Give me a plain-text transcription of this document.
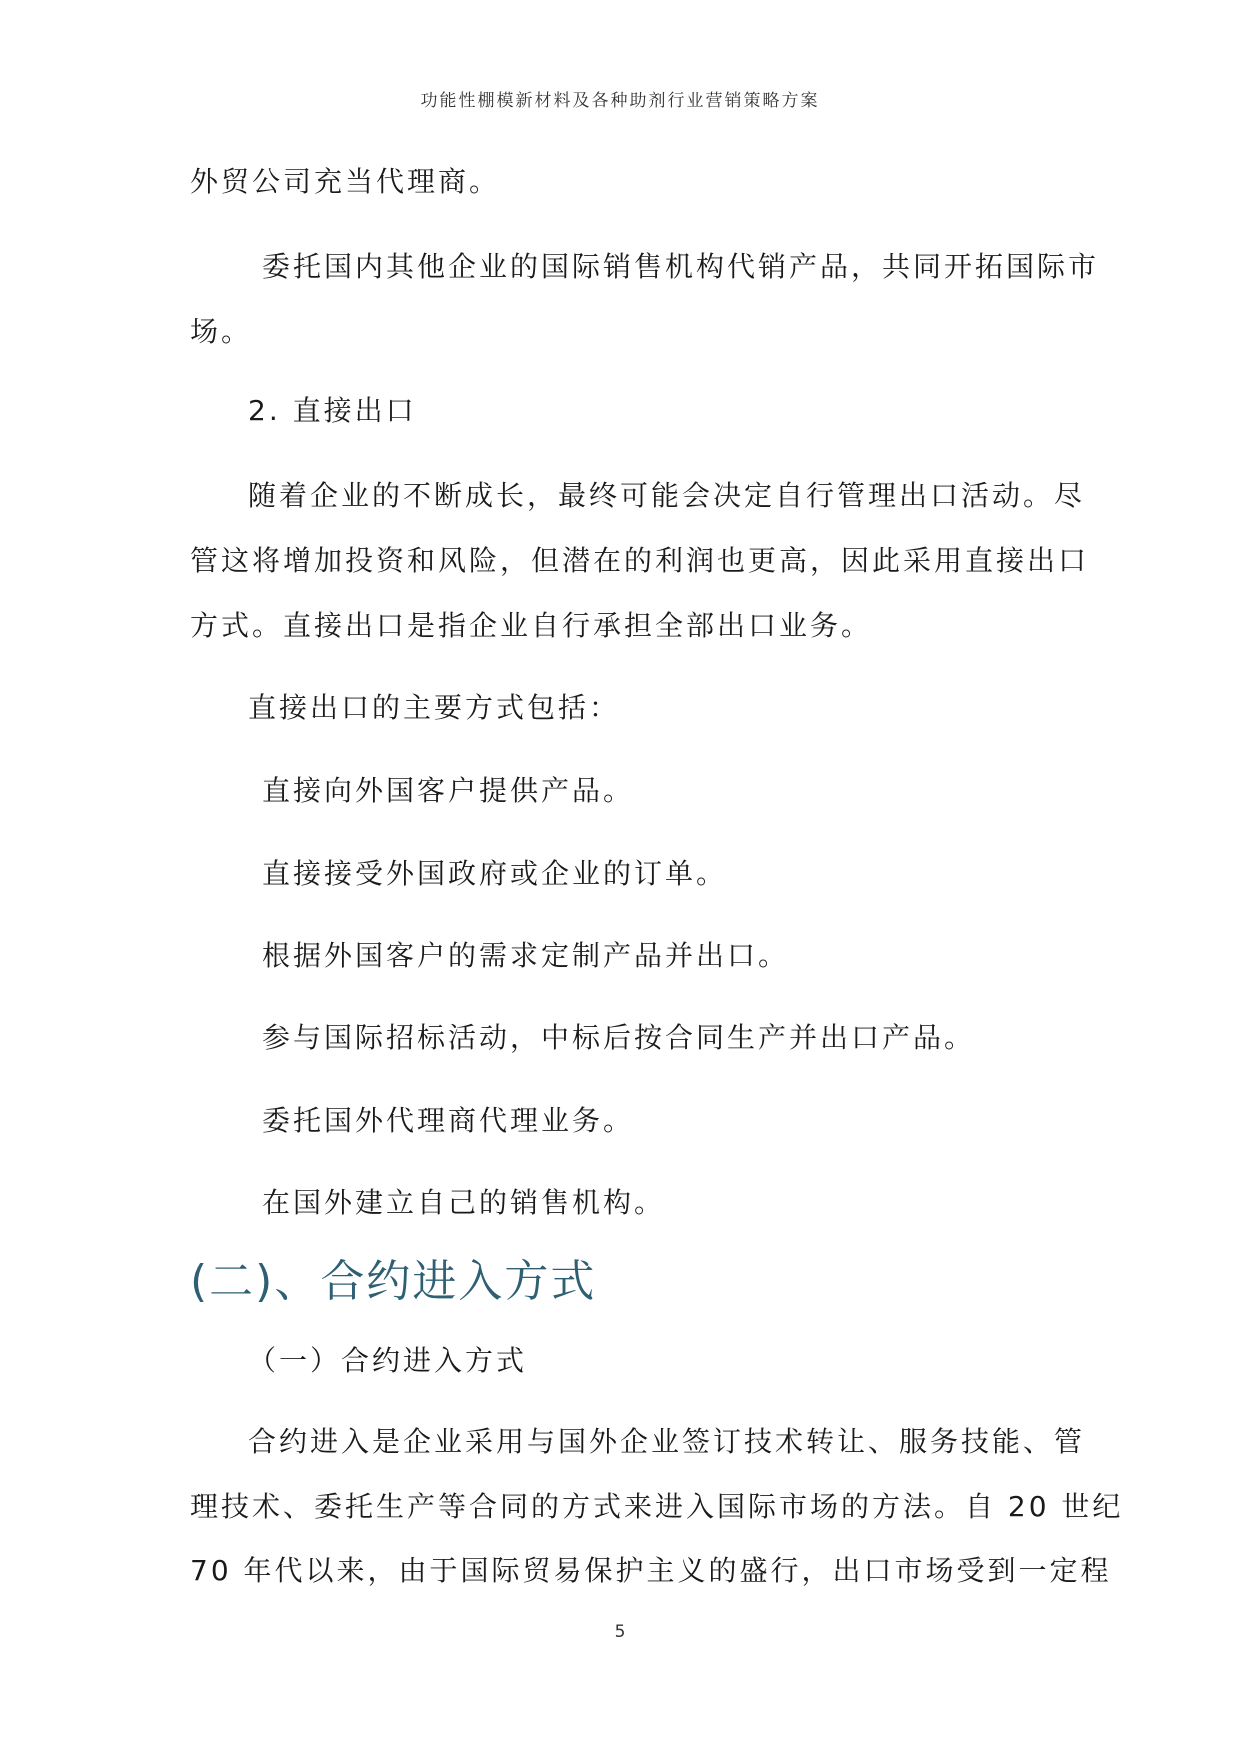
功能性棚模新材料及各种助剂行业营销策略方案
外贸公司充当代理商。
委托国内其他企业的国际销售机构代销产品，共同开拓国际市
场。
2. 直接出口
随着企业的不断成长，最终可能会决定自行管理出口活动。尽
管这将增加投资和风险，但潜在的利润也更高，因此采用直接出口
方式。直接出口是指企业自行承担全部出口业务。
直接出口的主要方式包括：
直接向外国客户提供产品。
直接接受外国政府或企业的订单。
根据外国客户的需求定制产品并出口。
参与国际招标活动，中标后按合同生产并出口产品。
委托国外代理商代理业务。
在国外建立自己的销售机构。
(二)、合约进入方式
（一）合约进入方式
合约进入是企业采用与国外企业签订技术转让、服务技能、管
理技术、委托生产等合同的方式来进入国际市场的方法。自 20 世纪
70 年代以来，由于国际贸易保护主义的盛行，出口市场受到一定程
5
